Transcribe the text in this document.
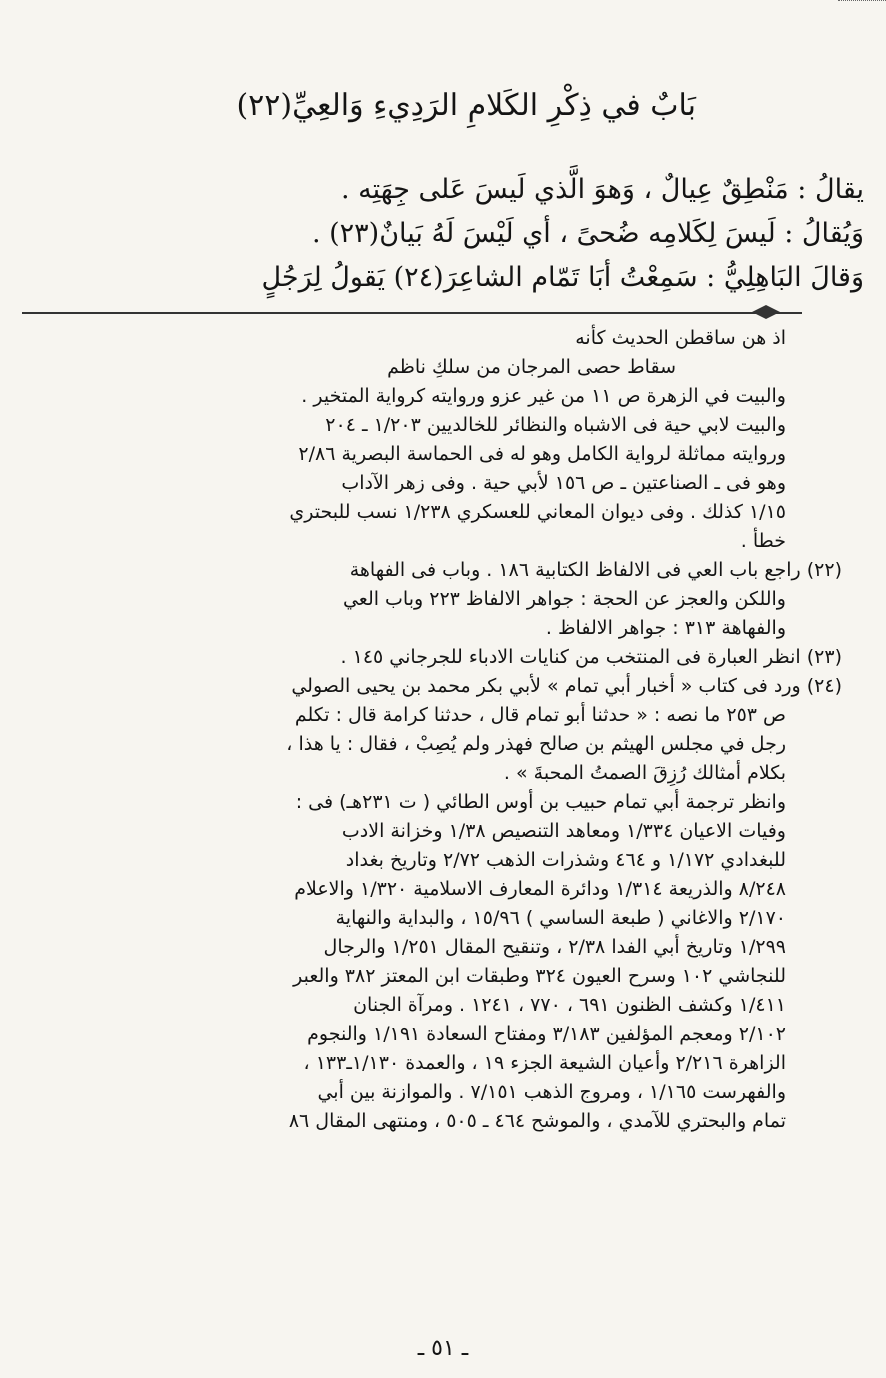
بَابٌ في ذِكْرِ الكَلامِ الرَدِيءِ وَالعِيِّ(٢٢)
يقالُ : مَنْطِقٌ عِيالٌ ، وَهوَ الَّذي لَيسَ عَلى جِهَتِه .
وَيُقالُ : لَيسَ لِكَلامِه ضُحىً ، أي لَيْسَ لَهُ بَيانٌ(٢٣) .
وَقالَ البَاهِلِيُّ : سَمِعْتُ أبَا تَمّام الشاعِرَ(٢٤) يَقولُ لِرَجُلٍ
اذ هن ساقطن الحديث كأنه
سقاط حصى المرجان من سلكِ ناظم
والبيت في الزهرة ص ١١ من غير عزو وروايته كرواية المتخير .
والبيت لابي حية فى الاشباه والنظائر للخالديين ١/٢٠٣ ـ ٢٠٤
وروايته مماثلة لرواية الكامل وهو له فى الحماسة البصرية ٢/٨٦
وهو فى ـ الصناعتين ـ ص ١٥٦ لأبي حية . وفى زهر الآداب
١/١٥ كذلك . وفى ديوان المعاني للعسكري ١/٢٣٨ نسب للبحتري
خطأ .
(٢٢) راجع باب العي فى الالفاظ الكتابية ١٨٦ . وباب فى الفهاهة
واللكن والعجز عن الحجة : جواهر الالفاظ ٢٢٣ وباب العي
والفهاهة ٣١٣ : جواهر الالفاظ .
(٢٣) انظر العبارة فى المنتخب من كنايات الادباء للجرجاني ١٤٥ .
(٢٤) ورد فى كتاب « أخبار أبي تمام » لأبي بكر محمد بن يحيى الصولي
ص ٢٥٣ ما نصه : « حدثنا أبو تمام قال ، حدثنا كرامة قال : تكلم
رجل في مجلس الهيثم بن صالح فهذر ولم يُصِبْ ، فقال : يا هذا ،
بكلام أمثالك رُزِقَ الصمتُ المحبةَ » .
وانظر ترجمة أبي تمام حبيب بن أوس الطائي ( ت ٢٣١هـ) فى :
وفيات الاعيان ١/٣٣٤ ومعاهد التنصيص ١/٣٨ وخزانة الادب
للبغدادي ١/١٧٢ و ٤٦٤ وشذرات الذهب ٢/٧٢ وتاريخ بغداد
٨/٢٤٨ والذريعة ١/٣١٤ ودائرة المعارف الاسلامية ١/٣٢٠ والاعلام
٢/١٧٠ والاغاني ( طبعة الساسي ) ١٥/٩٦ ، والبداية والنهاية
١/٢٩٩ وتاريخ أبي الفدا ٢/٣٨ ، وتنقيح المقال ١/٢٥١ والرجال
للنجاشي ١٠٢ وسرح العيون ٣٢٤ وطبقات ابن المعتز ٣٨٢ والعبر
١/٤١١ وكشف الظنون ٦٩١ ، ٧٧٠ ، ١٢٤١ . ومرآة الجنان
٢/١٠٢ ومعجم المؤلفين ٣/١٨٣ ومفتاح السعادة ١/١٩١ والنجوم
الزاهرة ٢/٢١٦ وأعيان الشيعة الجزء ١٩ ، والعمدة ١/١٣٠ـ١٣٣ ،
والفهرست ١/١٦٥ ، ومروج الذهب ٧/١٥١ . والموازنة بين أبي
تمام والبحتري للآمدي ، والموشح ٤٦٤ ـ ٥٠٥ ، ومنتهى المقال ٨٦
ـ ٥١ ـ
